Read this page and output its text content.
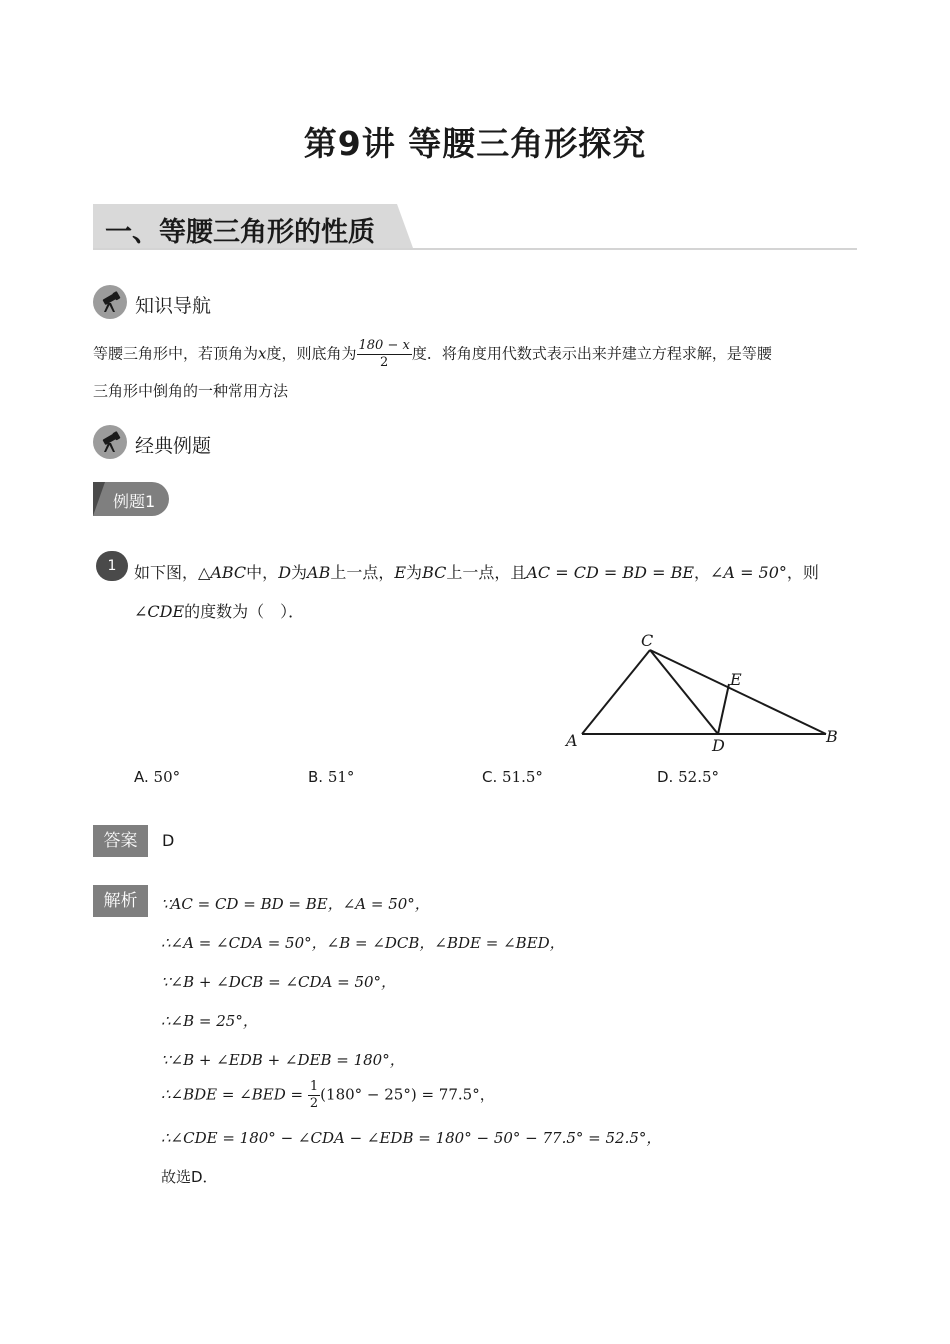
第9讲 等腰三角形探究
一、等腰三角形的性质
知识导航
等腰三角形中，若顶角为x度，则底角为 $\frac{180 - x}{2}$ 度．将角度用代数式表示出来并建立方程求解，是等腰
三角形中倒角的一种常用方法
经典例题
例题1
1	如下图，△ABC中，D为AB上一点，E为BC上一点，且AC = CD = BD = BE，∠A = 50°，则
∠CDE的度数为（　）．
A	B
C
D
E
A. 50°	B. 51°	C. 51.5°	D. 52.5°
答案	D
解析	∵AC = CD = BD = BE，∠A = 50°，
∴∠A = ∠CDA = 50°，∠B = ∠DCB，∠BDE = ∠BED，
∵∠B + ∠DCB = ∠CDA = 50°，
∴∠B = 25°，
∵∠B + ∠EDB + ∠DEB = 180°，
∴∠BDE = ∠BED = $\frac{1}{2} (180^\circ - 25^\circ) = 77.5^\circ$，
∴∠CDE = 180° − ∠CDA − ∠EDB = 180° − 50° − 77.5° = 52.5°，
故选D．
